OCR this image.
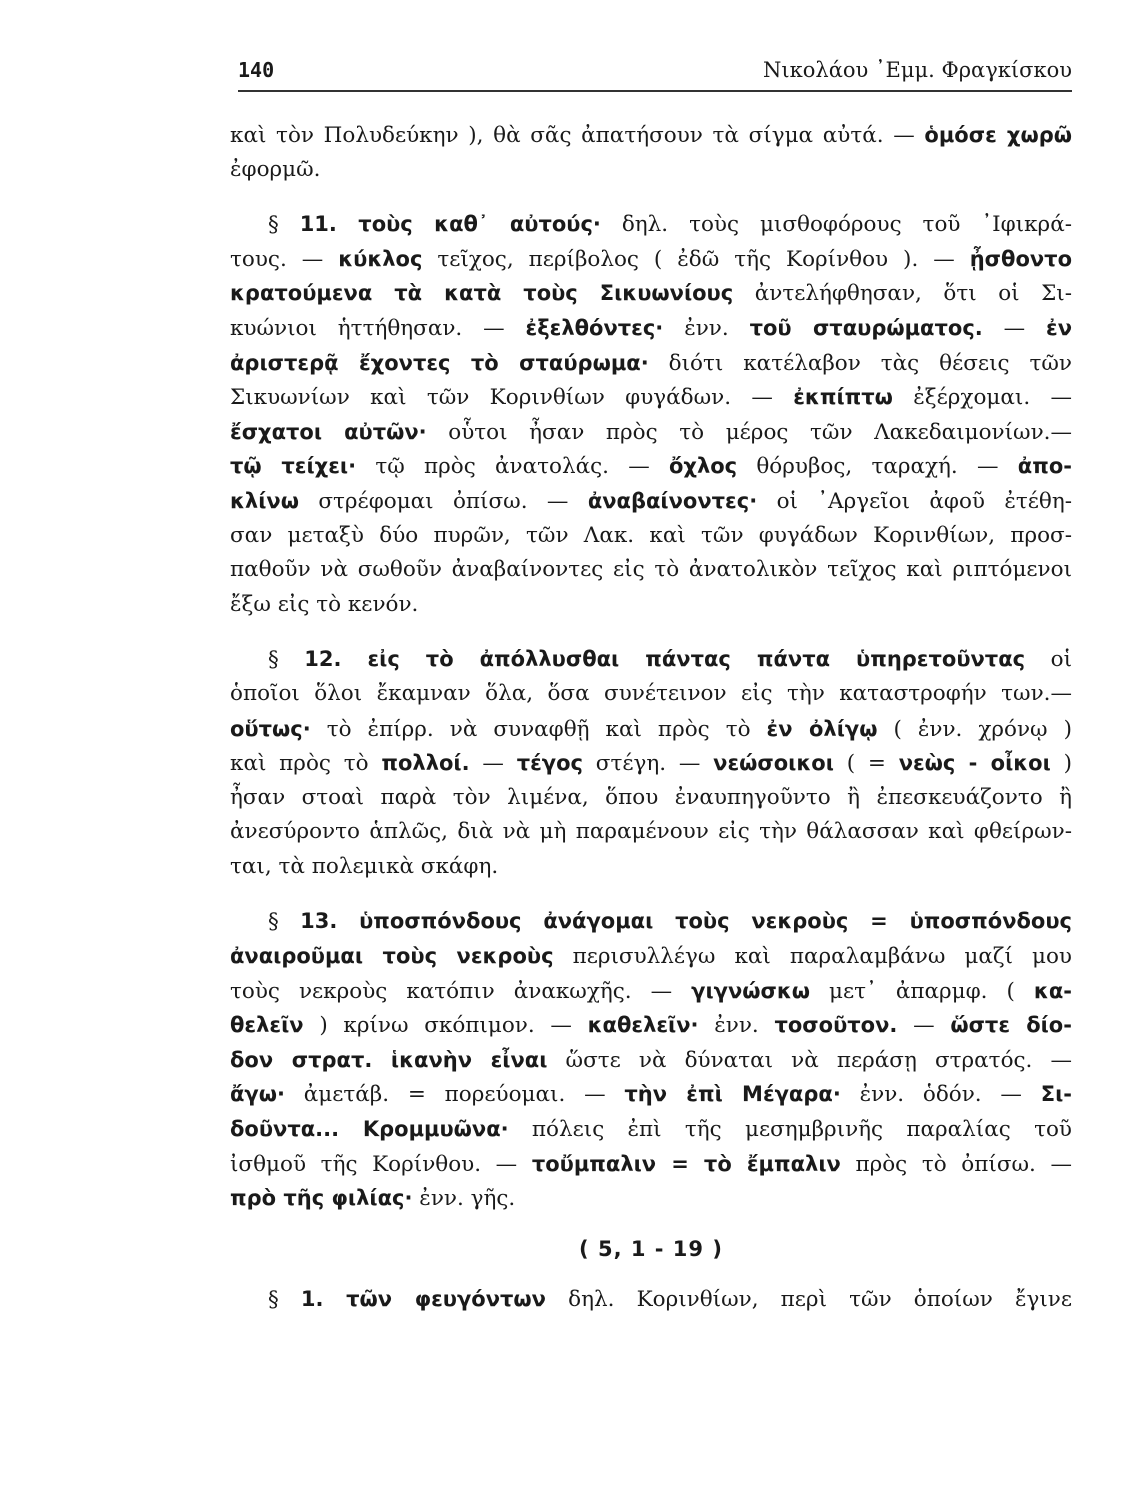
140	Νικολάου ᾽Εμμ. Φραγκίσκου
καὶ τὸν Πολυδεύκην ), θὰ σᾶς ἀπατήσουν τὰ σίγμα αὐτά. — ὁμόσε χωρῶ
ἐφορμῶ.
§ 11. τοὺς καθ᾽ αὐτούς· δηλ. τοὺς μισθοφόρους τοῦ ᾽Ιφικρά-
τους. — κύκλος τεῖχος, περίβολος ( ἐδῶ τῆς Κορίνθου ). — ᾖσθοντο
κρατούμενα τὰ κατὰ τοὺς Σικυωνίους ἀντελήφθησαν, ὅτι οἱ Σι-
κυώνιοι ἡττήθησαν. — ἐξελθόντες· ἐνν. τοῦ σταυρώματος. — ἐν
ἀριστερᾷ ἔχοντες τὸ σταύρωμα· διότι κατέλαβον τὰς θέσεις τῶν
Σικυωνίων καὶ τῶν Κορινθίων φυγάδων. — ἐκπίπτω ἐξέρχομαι. —
ἔσχατοι αὐτῶν· οὗτοι ἦσαν πρὸς τὸ μέρος τῶν Λακεδαιμονίων.—
τῷ τείχει· τῷ πρὸς ἀνατολάς. — ὄχλος θόρυβος, ταραχή. — ἀπο-
κλίνω στρέφομαι ὀπίσω. — ἀναβαίνοντες· οἱ ᾽Αργεῖοι ἀφοῦ ἐτέθη-
σαν μεταξὺ δύο πυρῶν, τῶν Λακ. καὶ τῶν φυγάδων Κορινθίων, προσ-
παθοῦν νὰ σωθοῦν ἀναβαίνοντες εἰς τὸ ἀνατολικὸν τεῖχος καὶ ριπτόμενοι
ἔξω εἰς τὸ κενόν.
§ 12. εἰς τὸ ἀπόλλυσθαι πάντας πάντα ὑπηρετοῦντας οἱ
ὁποῖοι ὅλοι ἔκαμναν ὅλα, ὅσα συνέτεινον εἰς τὴν καταστροφήν των.—
οὕτως· τὸ ἐπίρρ. νὰ συναφθῇ καὶ πρὸς τὸ ἐν ὀλίγῳ ( ἐνν. χρόνῳ )
καὶ πρὸς τὸ πολλοί. — τέγος στέγη. — νεώσοικοι ( = νεὼς - οἶκοι )
ἦσαν στοαὶ παρὰ τὸν λιμένα, ὅπου ἐναυπηγοῦντο ἢ ἐπεσκευάζοντο ἢ
ἀνεσύροντο ἁπλῶς, διὰ νὰ μὴ παραμένουν εἰς τὴν θάλασσαν καὶ φθείρων-
ται, τὰ πολεμικὰ σκάφη.
§ 13. ὑποσπόνδους ἀνάγομαι τοὺς νεκροὺς = ὑποσπόνδους
ἀναιροῦμαι τοὺς νεκροὺς περισυλλέγω καὶ παραλαμβάνω μαζί μου
τοὺς νεκροὺς κατόπιν ἀνακωχῆς. — γιγνώσκω μετ᾽ ἀπαρμφ. ( κα-
θελεῖν ) κρίνω σκόπιμον. — καθελεῖν· ἐνν. τοσοῦτον. — ὥστε δίο-
δον στρατ. ἱκανὴν εἶναι ὥστε νὰ δύναται νὰ περάσῃ στρατός. —
ἄγω· ἀμετάβ. = πορεύομαι. — τὴν ἐπὶ Μέγαρα· ἐνν. ὁδόν. — Σι-
δοῦντα... Κρομμυῶνα· πόλεις ἐπὶ τῆς μεσημβρινῆς παραλίας τοῦ
ἰσθμοῦ τῆς Κορίνθου. — τοὔμπαλιν = τὸ ἔμπαλιν πρὸς τὸ ὀπίσω. —
πρὸ τῆς φιλίας· ἐνν. γῆς.
( 5, 1 - 19 )
§ 1. τῶν φευγόντων δηλ. Κορινθίων, περὶ τῶν ὁποίων ἔγινε
